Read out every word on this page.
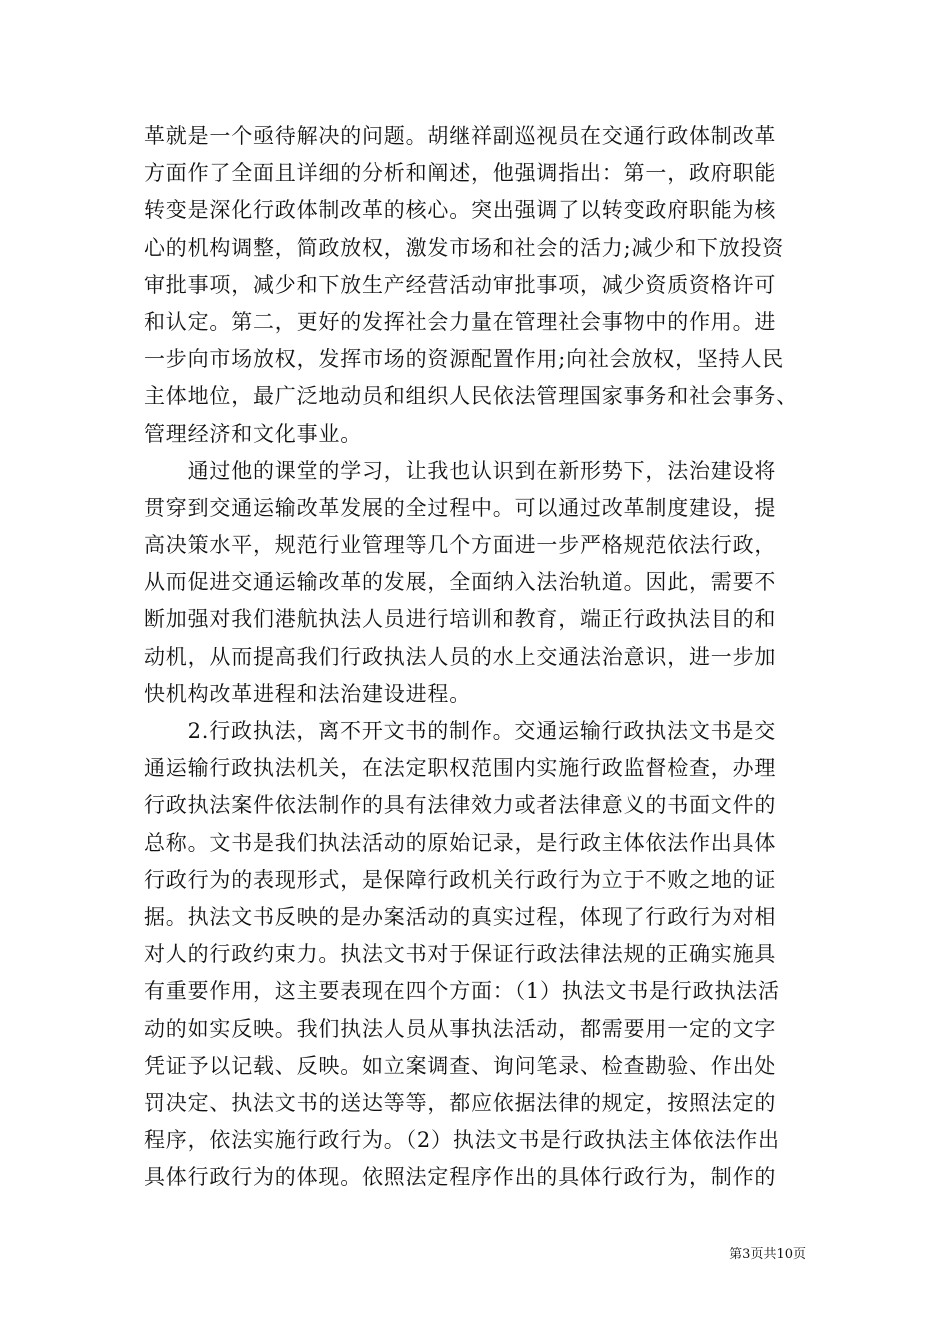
革就是一个亟待解决的问题。胡继祥副巡视员在交通行政体制改革
方面作了全面且详细的分析和阐述，他强调指出：第一，政府职能
转变是深化行政体制改革的核心。突出强调了以转变政府职能为核
心的机构调整，简政放权，激发市场和社会的活力;减少和下放投资
审批事项，减少和下放生产经营活动审批事项，减少资质资格许可
和认定。第二，更好的发挥社会力量在管理社会事物中的作用。进
一步向市场放权，发挥市场的资源配置作用;向社会放权，坚持人民
主体地位，最广泛地动员和组织人民依法管理国家事务和社会事务、
管理经济和文化事业。
　　通过他的课堂的学习，让我也认识到在新形势下，法治建设将
贯穿到交通运输改革发展的全过程中。可以通过改革制度建设，提
高决策水平，规范行业管理等几个方面进一步严格规范依法行政，
从而促进交通运输改革的发展，全面纳入法治轨道。因此，需要不
断加强对我们港航执法人员进行培训和教育，端正行政执法目的和
动机，从而提高我们行政执法人员的水上交通法治意识，进一步加
快机构改革进程和法治建设进程。
　　2.行政执法，离不开文书的制作。交通运输行政执法文书是交
通运输行政执法机关，在法定职权范围内实施行政监督检查，办理
行政执法案件依法制作的具有法律效力或者法律意义的书面文件的
总称。文书是我们执法活动的原始记录，是行政主体依法作出具体
行政行为的表现形式，是保障行政机关行政行为立于不败之地的证
据。执法文书反映的是办案活动的真实过程，体现了行政行为对相
对人的行政约束力。执法文书对于保证行政法律法规的正确实施具
有重要作用，这主要表现在四个方面：（1）执法文书是行政执法活
动的如实反映。我们执法人员从事执法活动，都需要用一定的文字
凭证予以记载、反映。如立案调查、询问笔录、检查勘验、作出处
罚决定、执法文书的送达等等，都应依据法律的规定，按照法定的
程序，依法实施行政行为。（2）执法文书是行政执法主体依法作出
具体行政行为的体现。依照法定程序作出的具体行政行为，制作的
第3页共10页
